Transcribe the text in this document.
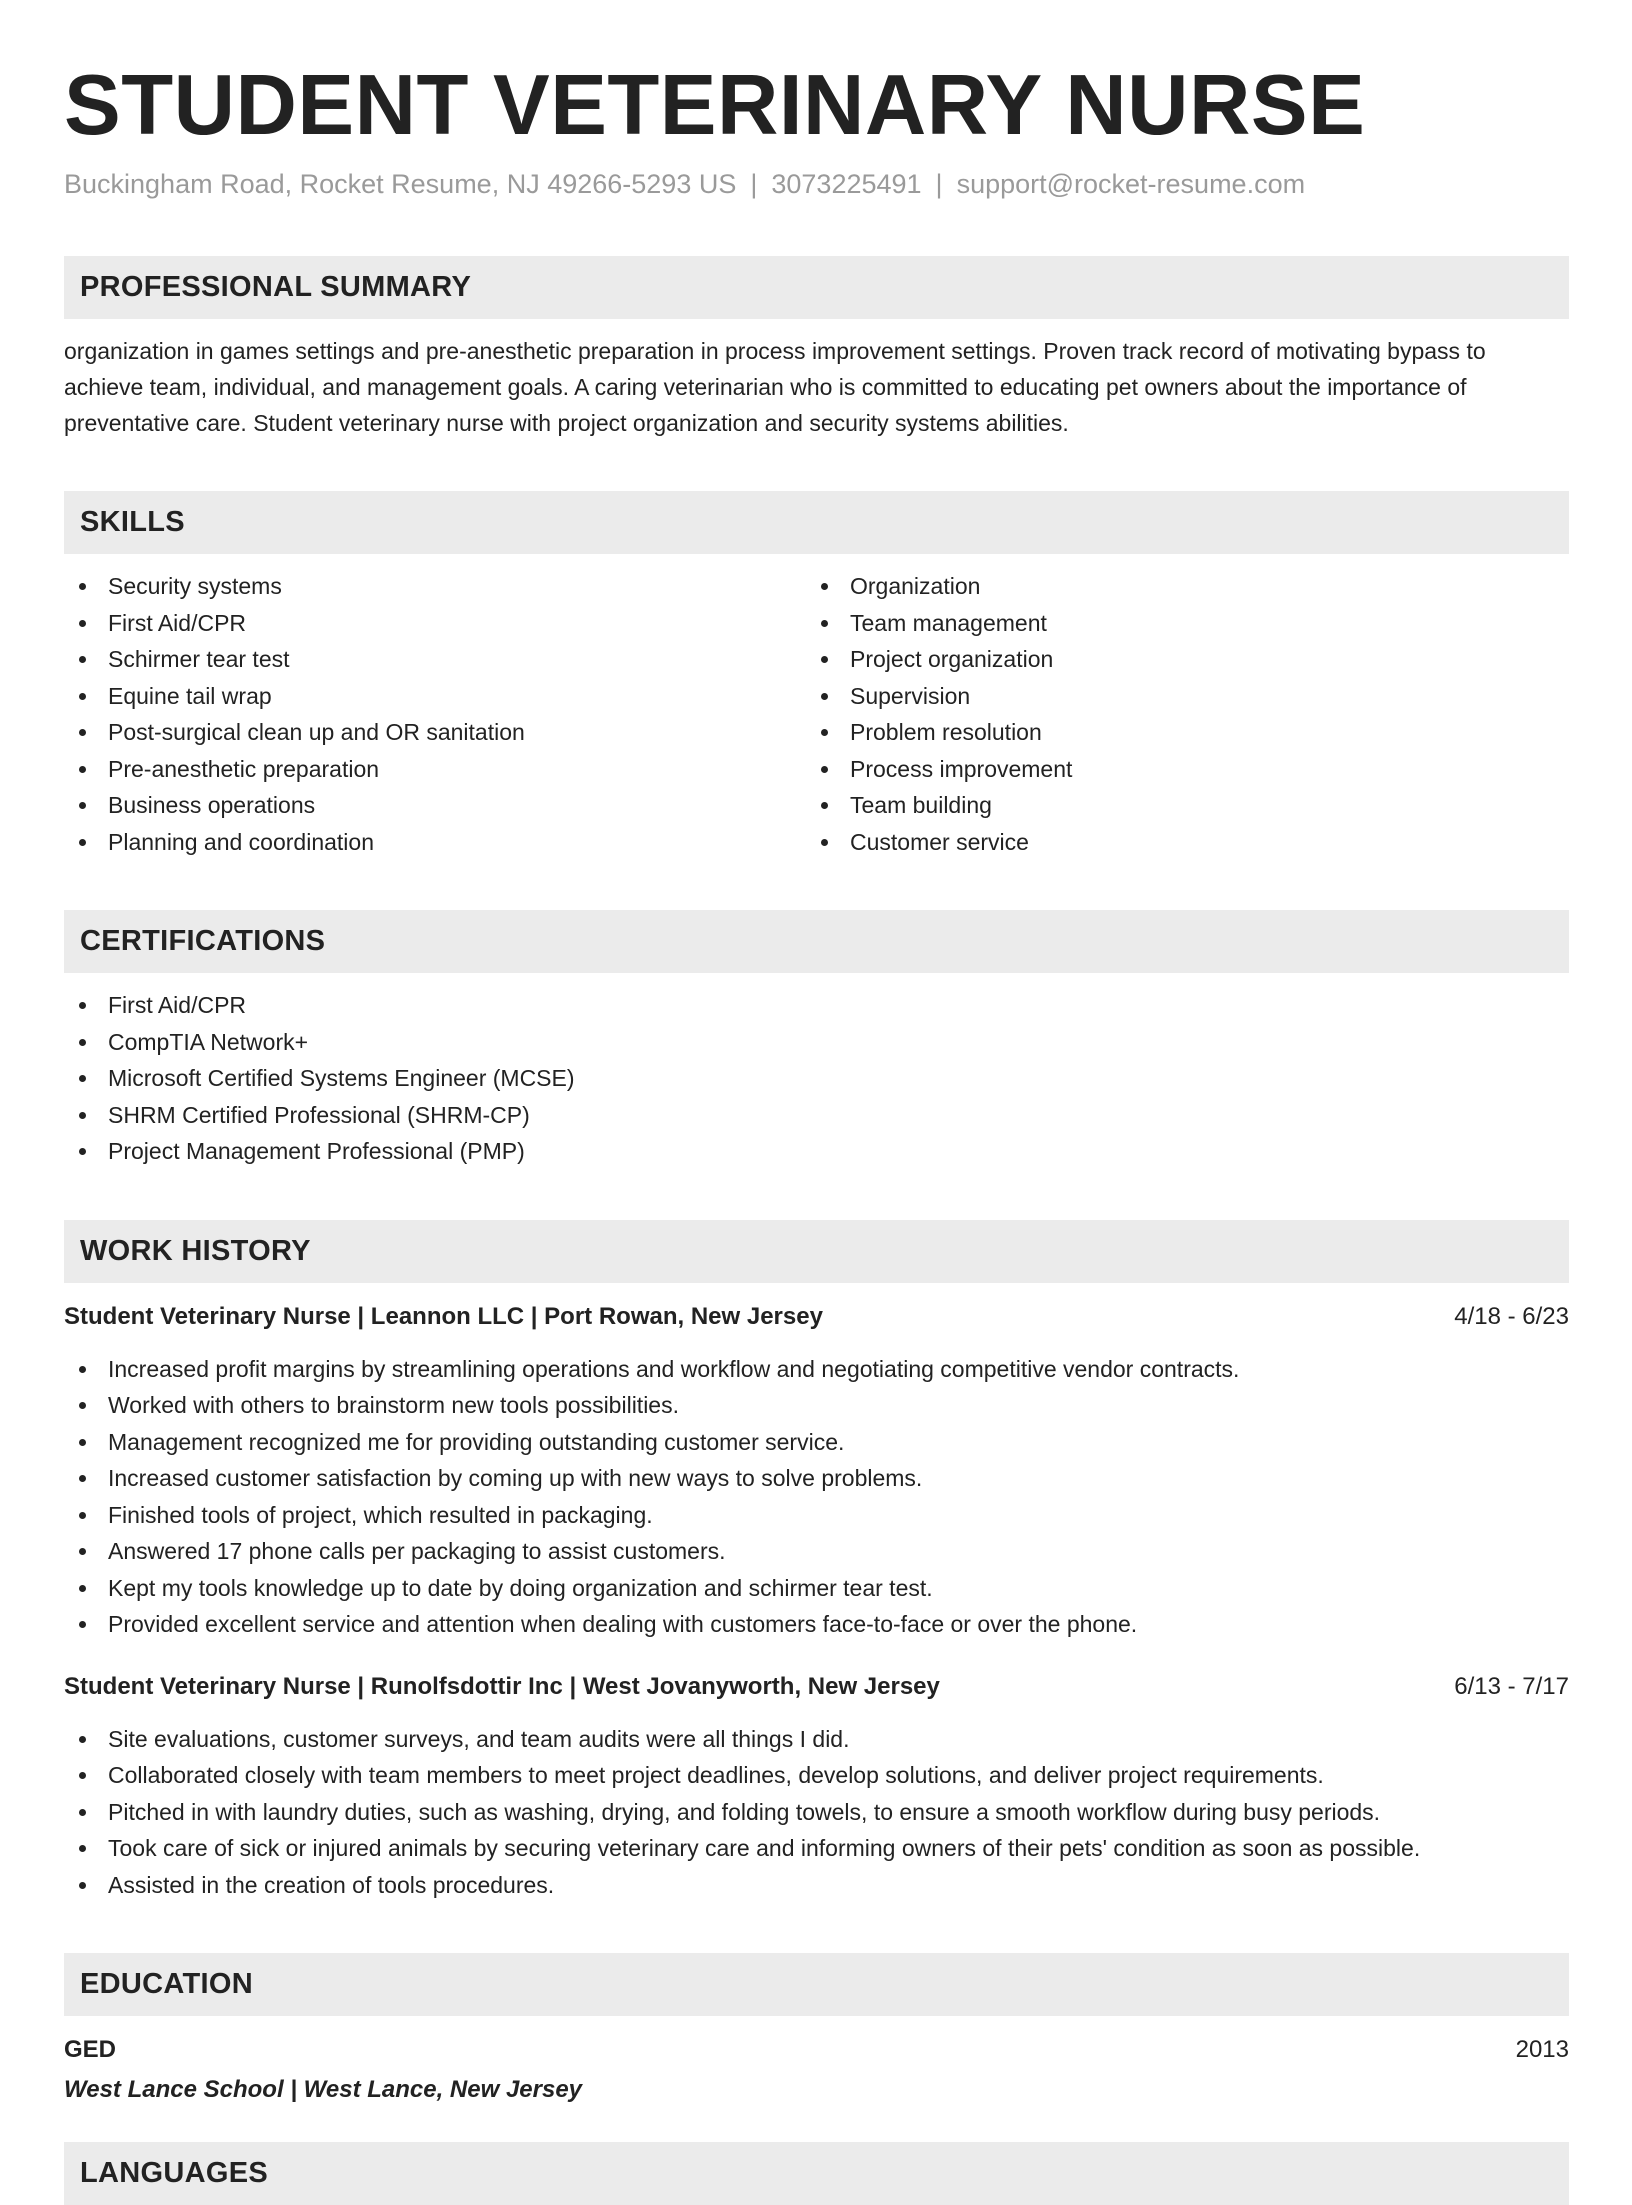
STUDENT VETERINARY NURSE
Buckingham Road, Rocket Resume, NJ 49266-5293 US | 3073225491 | support@rocket-resume.com
PROFESSIONAL SUMMARY
organization in games settings and pre-anesthetic preparation in process improvement settings. Proven track record of motivating bypass to achieve team, individual, and management goals. A caring veterinarian who is committed to educating pet owners about the importance of preventative care. Student veterinary nurse with project organization and security systems abilities.
SKILLS
Security systems
First Aid/CPR
Schirmer tear test
Equine tail wrap
Post-surgical clean up and OR sanitation
Pre-anesthetic preparation
Business operations
Planning and coordination
Organization
Team management
Project organization
Supervision
Problem resolution
Process improvement
Team building
Customer service
CERTIFICATIONS
First Aid/CPR
CompTIA Network+
Microsoft Certified Systems Engineer (MCSE)
SHRM Certified Professional (SHRM-CP)
Project Management Professional (PMP)
WORK HISTORY
Student Veterinary Nurse | Leannon LLC | Port Rowan, New Jersey	4/18 - 6/23
Increased profit margins by streamlining operations and workflow and negotiating competitive vendor contracts.
Worked with others to brainstorm new tools possibilities.
Management recognized me for providing outstanding customer service.
Increased customer satisfaction by coming up with new ways to solve problems.
Finished tools of project, which resulted in packaging.
Answered 17 phone calls per packaging to assist customers.
Kept my tools knowledge up to date by doing organization and schirmer tear test.
Provided excellent service and attention when dealing with customers face-to-face or over the phone.
Student Veterinary Nurse | Runolfsdottir Inc | West Jovanyworth, New Jersey	6/13 - 7/17
Site evaluations, customer surveys, and team audits were all things I did.
Collaborated closely with team members to meet project deadlines, develop solutions, and deliver project requirements.
Pitched in with laundry duties, such as washing, drying, and folding towels, to ensure a smooth workflow during busy periods.
Took care of sick or injured animals by securing veterinary care and informing owners of their pets' condition as soon as possible.
Assisted in the creation of tools procedures.
EDUCATION
GED	2013
West Lance School | West Lance, New Jersey
LANGUAGES
